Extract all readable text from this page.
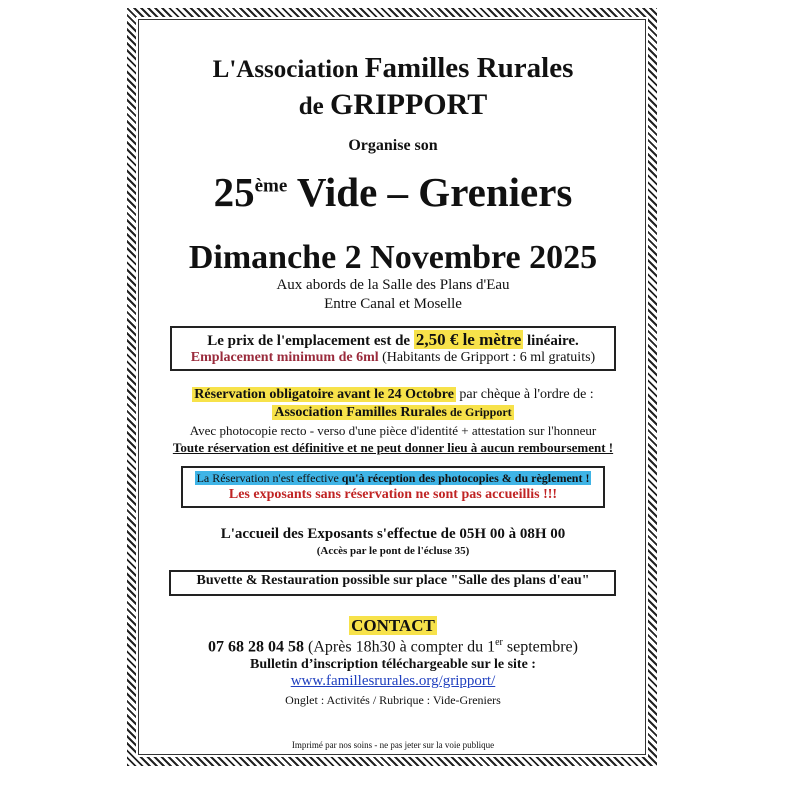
L'Association Familles Rurales
de GRIPPORT
Organise son
25ème Vide – Greniers
Dimanche 2 Novembre 2025
Aux abords de la Salle des Plans d'Eau
Entre Canal et Moselle
Le prix de l'emplacement est de 2,50 € le mètre linéaire.
Emplacement minimum de 6ml (Habitants de Gripport : 6 ml gratuits)
Réservation obligatoire avant le 24 Octobre par chèque à l'ordre de :
Association Familles Rurales de Gripport
Avec photocopie recto - verso d'une pièce d'identité + attestation sur l'honneur
Toute réservation est définitive et ne peut donner lieu à aucun remboursement !
La Réservation n'est effective qu'à réception des photocopies & du règlement !
Les exposants sans réservation ne sont pas accueillis !!!
L'accueil des Exposants s'effectue de 05H 00 à 08H 00
(Accès par le pont de l'écluse 35)
Buvette & Restauration possible sur place "Salle des plans d'eau"
CONTACT
07 68 28 04 58 (Après 18h30 à compter du 1er septembre)
Bulletin d’inscription téléchargeable sur le site :
www.famillesrurales.org/gripport/
Onglet : Activités / Rubrique : Vide-Greniers
Imprimé par nos soins - ne pas jeter sur la voie publique
